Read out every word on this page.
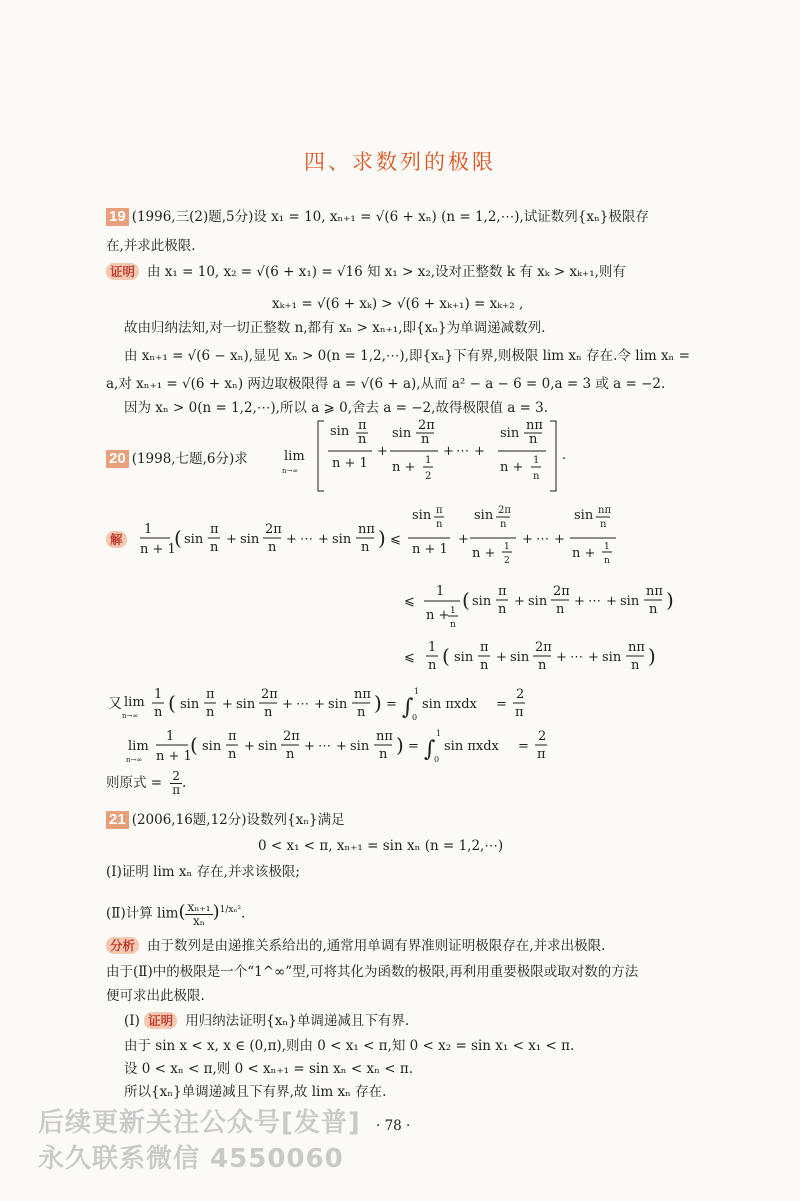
四、求数列的极限
19 (1996,三(2)题,5分)设 x₁ = 10, xₙ₊₁ = √(6 + xₙ) (n = 1,2,⋯),试证数列{xₙ}极限存
在,并求此极限.
证明 由 x₁ = 10, x₂ = √(6 + x₁) = √16 知 x₁ > x₂,设对正整数 k 有 xₖ > xₖ₊₁,则有
xₖ₊₁ = √(6 + xₖ) > √(6 + xₖ₊₁) = xₖ₊₂ ,
故由归纳法知,对一切正整数 n,都有 xₙ > xₙ₊₁,即{xₙ}为单调递减数列.
由 xₙ₊₁ = √(6 − xₙ),显见 xₙ > 0(n = 1,2,⋯),即{xₙ}下有界,则极限 lim xₙ 存在.令 lim xₙ =
a,对 xₙ₊₁ = √(6 + xₙ) 两边取极限得 a = √(6 + a),从而 a² − a − 6 = 0,a = 3 或 a = −2.
因为 xₙ > 0(n = 1,2,⋯),所以 a ⩾ 0,舍去 a = −2,故得极限值 a = 3.
20 (1998,七题,6分)求	lim
n→∞
sin π
n
n + 1
+
sin
2π
n
n + 1
2
+ ⋯ +
sin
nπ
n
n + 1
n
.
解
1
n + 1
( sin
π
n
+ sin
2π
n
+ ⋯ + sin
nπ
n ) ⩽
sin π
n
n + 1
+
sin 2π
n
n + 1
2
+ ⋯ +
sin nπ
n
n + 1
n
⩽
1
n + 1
n
( sin
π
n
+ sin
2π
n
+ ⋯ + sin
nπ
n )
⩽
1
n ( sin
π
n
+ sin
2π
n
+ ⋯ + sin
nπ
n )
又 lim
n→∞
1
n ( sin
π
n
+ sin
2π
n
+ ⋯ + sin
nπ
n ) = ∫
1
0
sin πxdx =
2
π
lim
n→∞
1
n + 1
( sin
π
n
+ sin
2π
n
+ ⋯ + sin
nπ
n ) = ∫
1
0
sin πxdx =
2
π
则原式 = $\frac{2}{\pi}$ .
21 (2006,16题,12分)设数列{xₙ}满足
0 < x₁ < π, xₙ₊₁ = sin xₙ (n = 1,2,⋯)
(Ⅰ)证明 lim xₙ 存在,并求该极限;
(Ⅱ)计算 $\lim( \frac{\text{xₙ₊₁}}{\text{xₙ}} )^{1/x_n^2}$.
分析 由于数列是由递推关系给出的,通常用单调有界准则证明极限存在,并求出极限.
由于(Ⅱ)中的极限是一个“1^∞”型,可将其化为函数的极限,再利用重要极限或取对数的方法
便可求出此极限.
(Ⅰ) 证明 用归纳法证明{xₙ}单调递减且下有界.
由于 sin x < x, x ∈ (0,π),则由 0 < x₁ < π,知 0 < x₂ = sin x₁ < x₁ < π.
设 0 < xₙ < π,则 0 < xₙ₊₁ = sin xₙ < xₙ < π.
所以{xₙ}单调递减且下有界,故 lim xₙ 存在.
· 78 ·
后续更新关注公众号[发普]
永久联系微信 4550060
